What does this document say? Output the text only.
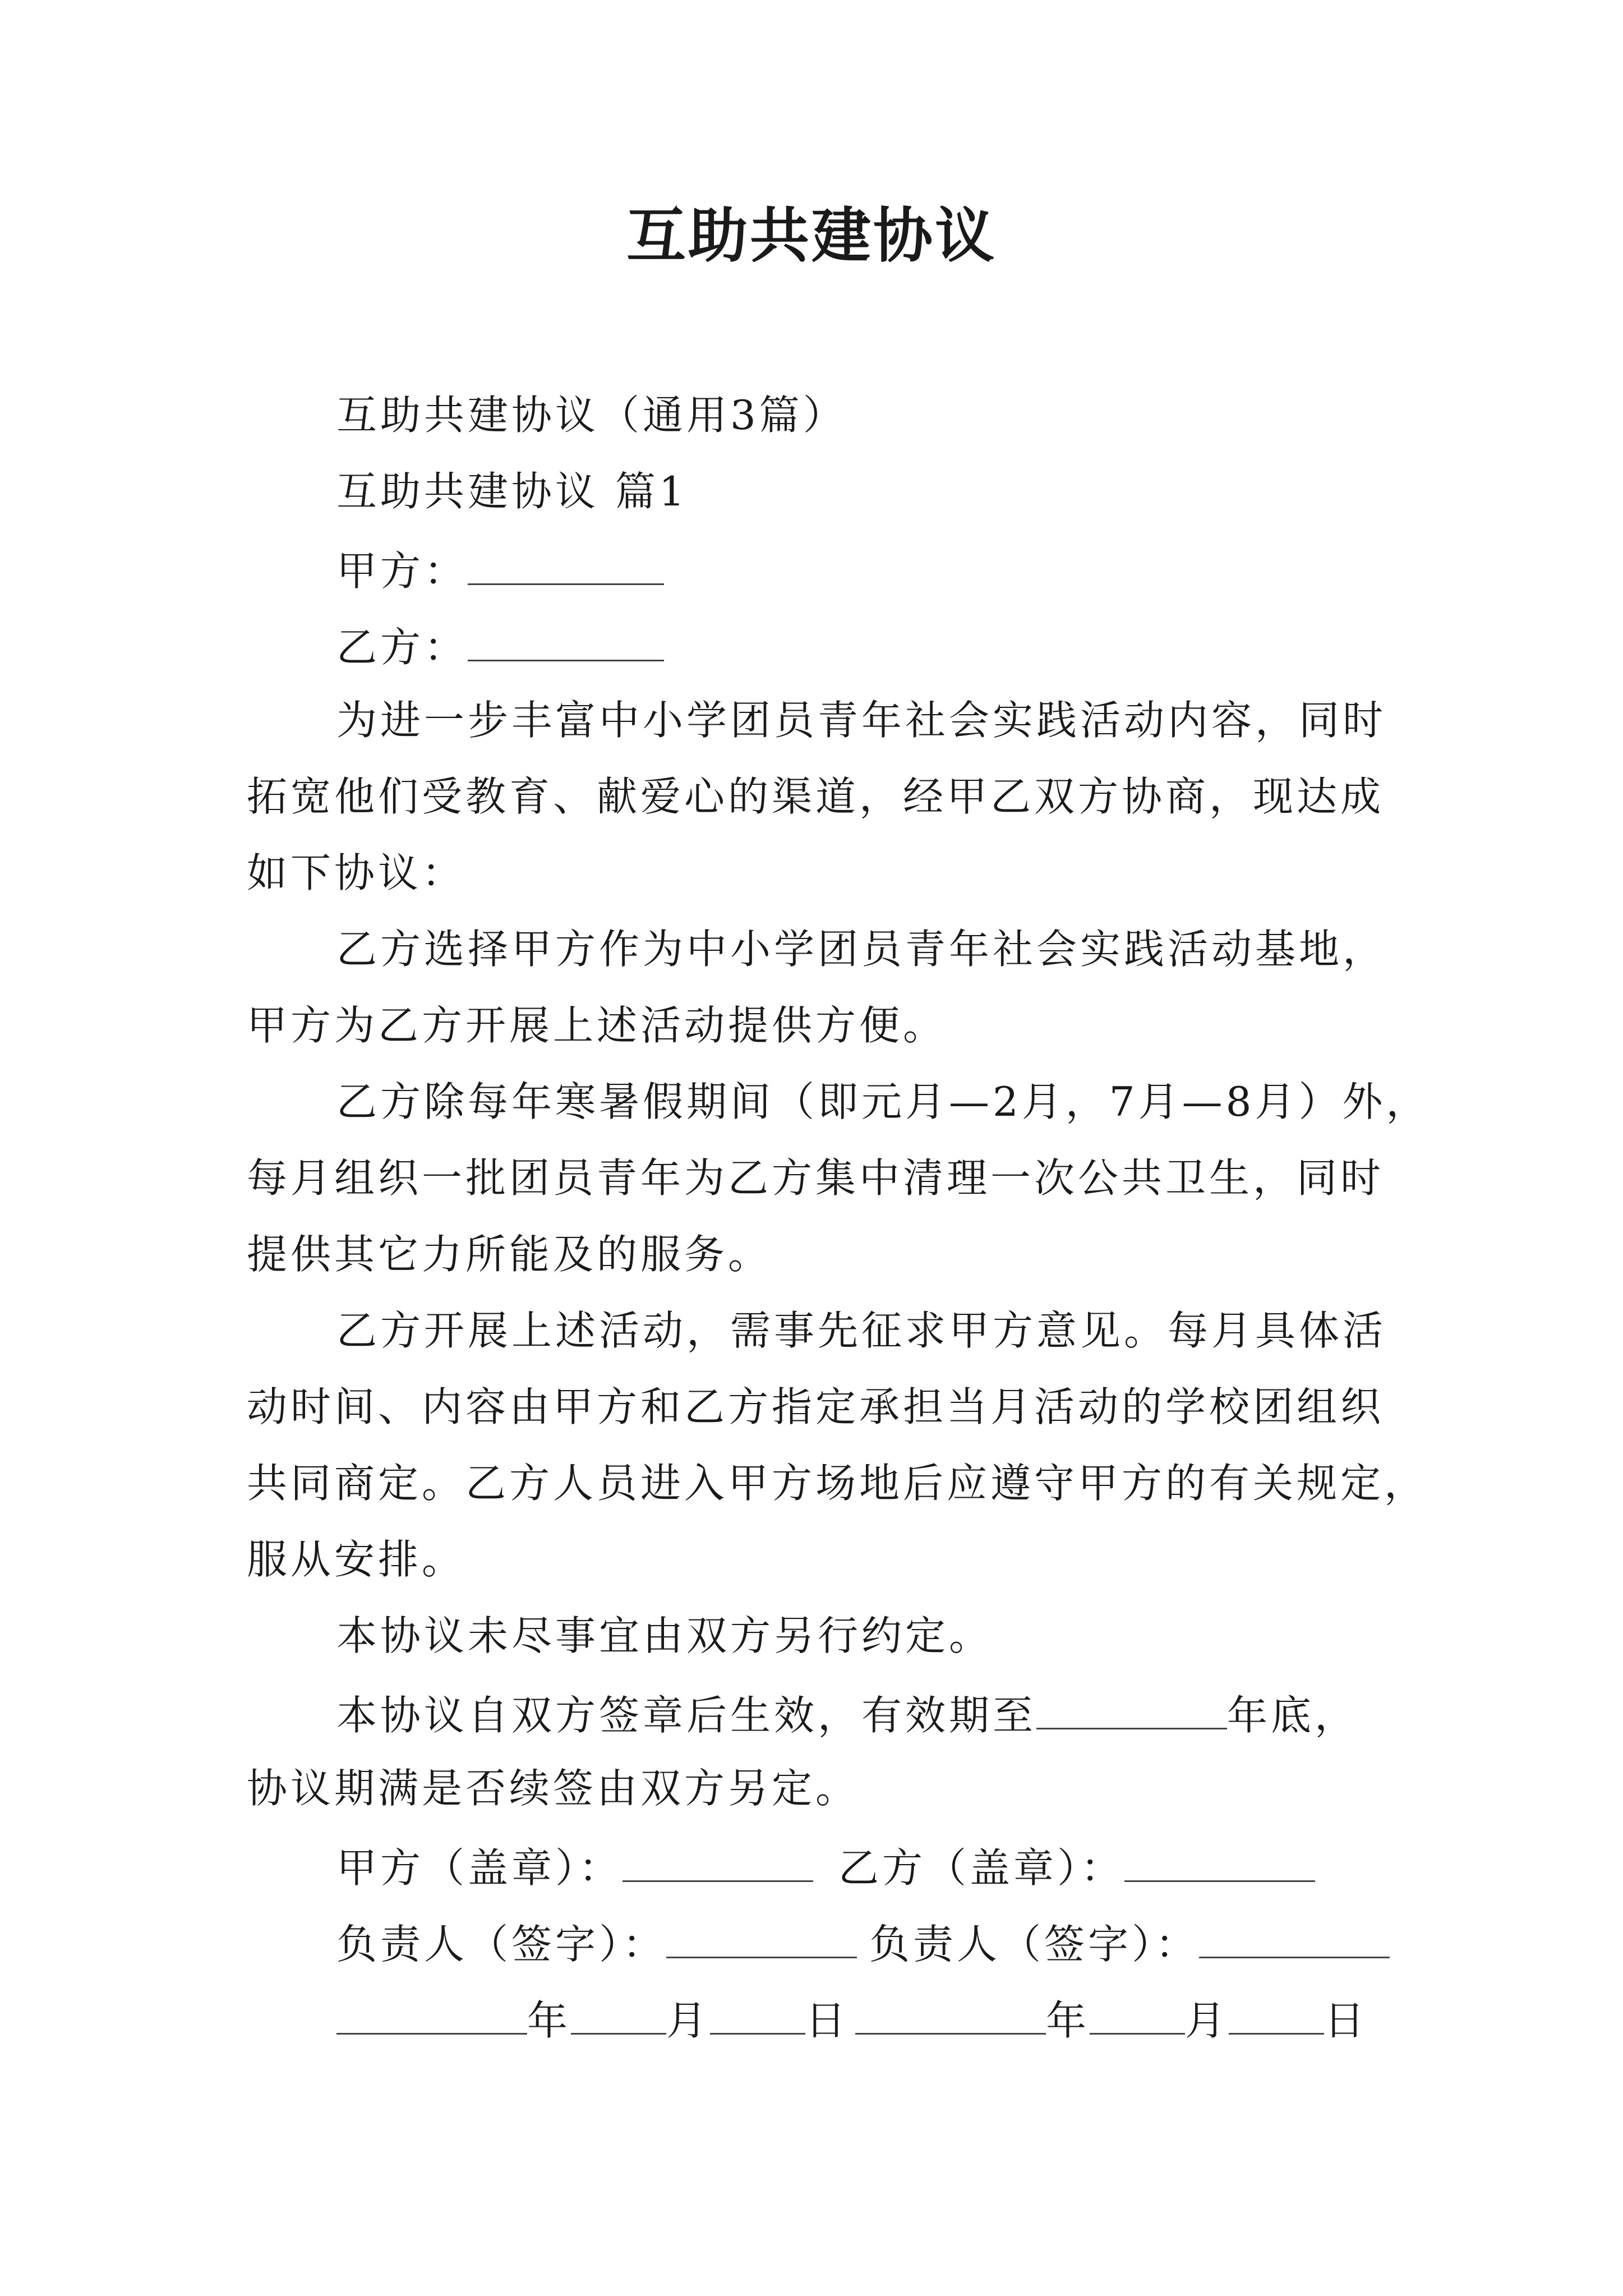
互助共建协议
互助共建协议（通用3篇）
互助共建协议 篇1
甲方：
乙方：
为进一步丰富中小学团员青年社会实践活动内容，同时
拓宽他们受教育、献爱心的渠道，经甲乙双方协商，现达成
如下协议：
乙方选择甲方作为中小学团员青年社会实践活动基地，
甲方为乙方开展上述活动提供方便。
乙方除每年寒暑假期间（即元月—2月，7月—8月）外，
每月组织一批团员青年为乙方集中清理一次公共卫生，同时
提供其它力所能及的服务。
乙方开展上述活动，需事先征求甲方意见。每月具体活
动时间、内容由甲方和乙方指定承担当月活动的学校团组织
共同商定。乙方人员进入甲方场地后应遵守甲方的有关规定，
服从安排。
本协议未尽事宜由双方另行约定。
本协议自双方签章后生效，有效期至	年底，
协议期满是否续签由双方另定。
甲方（盖章）：	乙方（盖章）：
负责人（签字）：	负责人（签字）：
年 月 日	年 月 日
